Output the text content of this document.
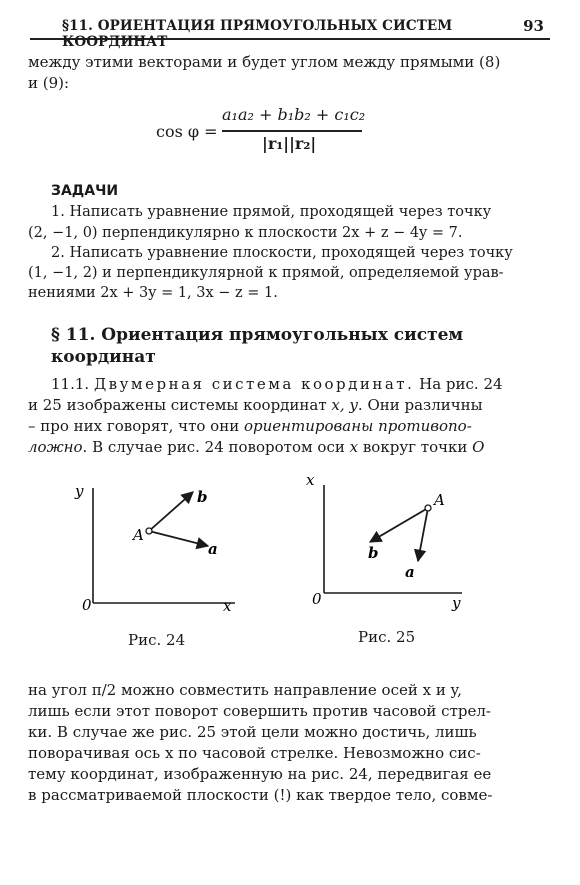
§11. ОРИЕНТАЦИЯ ПРЯМОУГОЛЬНЫХ СИСТЕМ КООРДИНАТ
93

между этими векторами и будет углом между прямыми (8)

и (9):

cos φ =
a₁a₂ + b₁b₂ + c₁c₂
|r₁||r₂|
ЗАДАЧИ

1. Написать уравнение прямой, проходящей через точку

(2, −1, 0) перпендикулярно к плоскости 2x + z − 4y = 7.

2. Написать уравнение плоскости, проходящей через точку

(1, −1, 2) и перпендикулярной к прямой, определяемой урав-

нениями 2x + 3y = 1, 3x − z = 1.

§ 11. Ориентация прямоугольных систем
координат

11.1. Двумерная система координат. На рис. 24

и 25 изображены системы координат x, y. Они различны

– про них говорят, что они ориентированы противопо-

ложно. В случае рис. 24 поворотом оси x вокруг точки O

y
x
0
A
b
a
Рис. 24
x
y
0
A
b
a
Рис. 25

на угол π/2 можно совместить направление осей x и y,

лишь если этот поворот совершить против часовой стрел-

ки. В случае же рис. 25 этой цели можно достичь, лишь

поворачивая ось x по часовой стрелке. Невозможно сис-

тему координат, изображенную на рис. 24, передвигая ее

в рассматриваемой плоскости (!) как твердое тело, совме-
